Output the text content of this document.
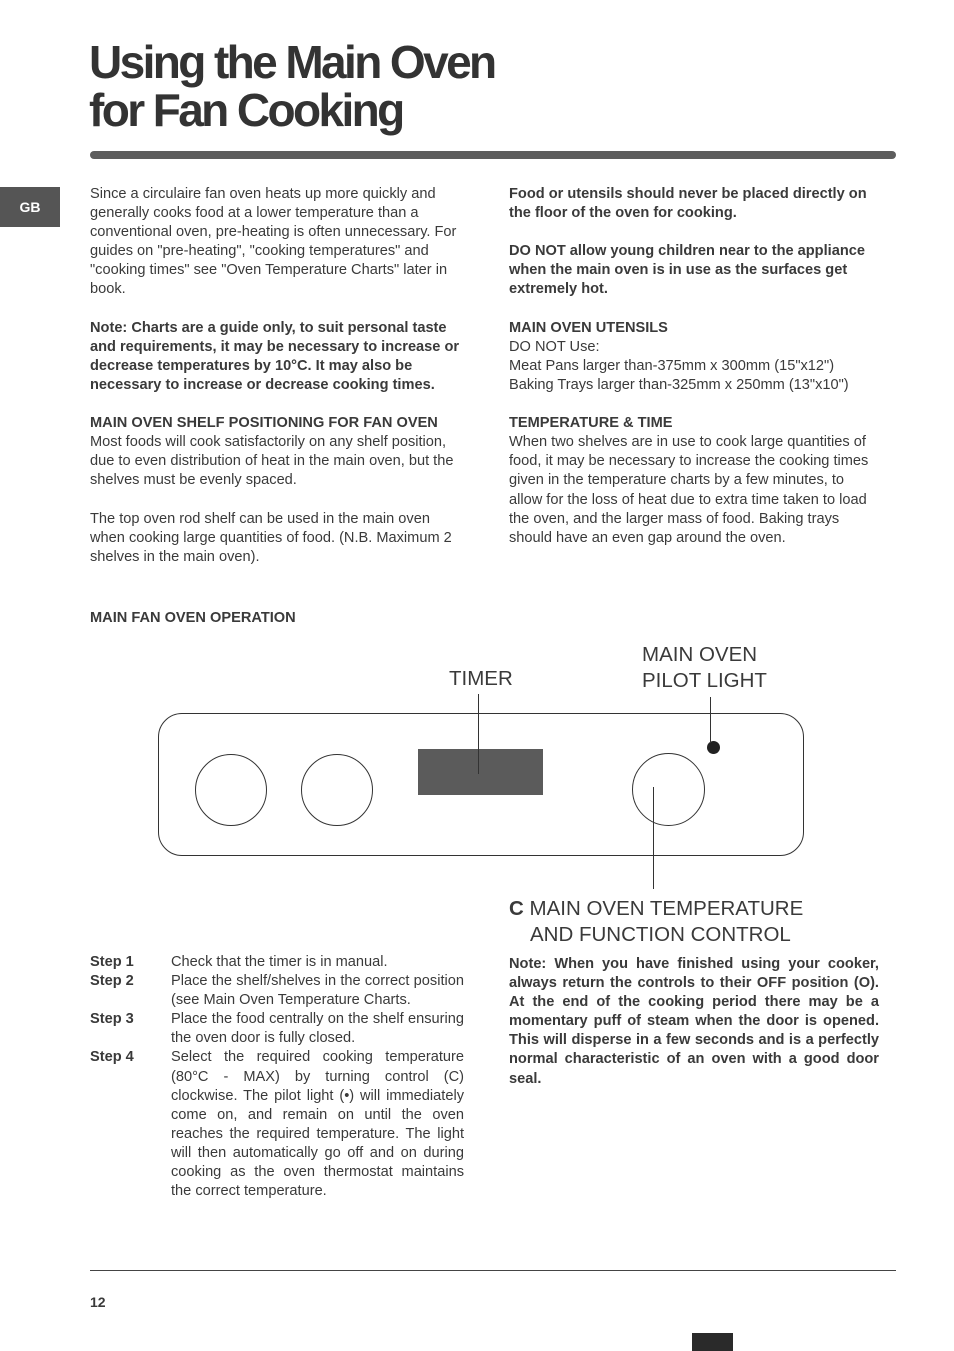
Using the Main Oven
for Fan Cooking
GB

Since a circulaire fan oven heats up more quickly and generally cooks food at a lower temperature than a conventional oven, pre-heating is often unnecessary. For guides on "pre-heating", "cooking temperatures" and "cooking times" see "Oven Temperature Charts" later in book.

Note: Charts are a guide only, to suit personal taste and requirements, it may be necessary to increase or decrease temperatures by 10°C. It may also be necessary to increase or decrease cooking times.

MAIN OVEN SHELF POSITIONING FOR FAN OVEN

Most foods will cook satisfactorily on any shelf position, due to even distribution of heat in the main oven, but the shelves must be evenly spaced.

The top oven rod shelf can be used in the main oven when cooking large quantities of food. (N.B. Maximum 2 shelves in the main oven).

Food or utensils should never be placed directly on the floor of the oven for cooking.

DO NOT allow young children near to the appliance when the main oven is in use as the surfaces get extremely hot.

MAIN OVEN UTENSILS
DO NOT Use:
Meat Pans larger than-375mm x 300mm (15"x12")

Baking Trays larger than-325mm x 250mm (13"x10")

TEMPERATURE & TIME

When two shelves are in use to cook large quantities of food, it may be necessary to increase the cooking times given in the temperature charts by a few minutes, to allow for the loss of heat due to extra time taken to load the oven, and the larger mass of food. Baking trays should have an even gap around the oven.

MAIN FAN OVEN OPERATION
TIMER
MAIN OVEN
PILOT LIGHT
C MAIN OVEN TEMPERATURE
AND FUNCTION CONTROL
Step 1	Check that the timer is in manual.
Step 2	Place the shelf/shelves in the correct position (see Main Oven Temperature Charts.
Step 3	Place the food centrally on the shelf ensuring the oven door is fully closed.
Step 4	Select the required cooking temperature (80°C - MAX) by turning control (C) clockwise. The pilot light (•) will immediately come on, and remain on until the oven reaches the required temperature. The light will then automatically go off and on during cooking as the oven thermostat maintains the correct temperature.
Note: When you have finished using your cooker, always return the controls to their OFF position (O). At the end of the cooking period there may be a momentary puff of steam when the door is opened. This will disperse in a few seconds and is a perfectly normal characteristic of an oven with a good door seal.
12
